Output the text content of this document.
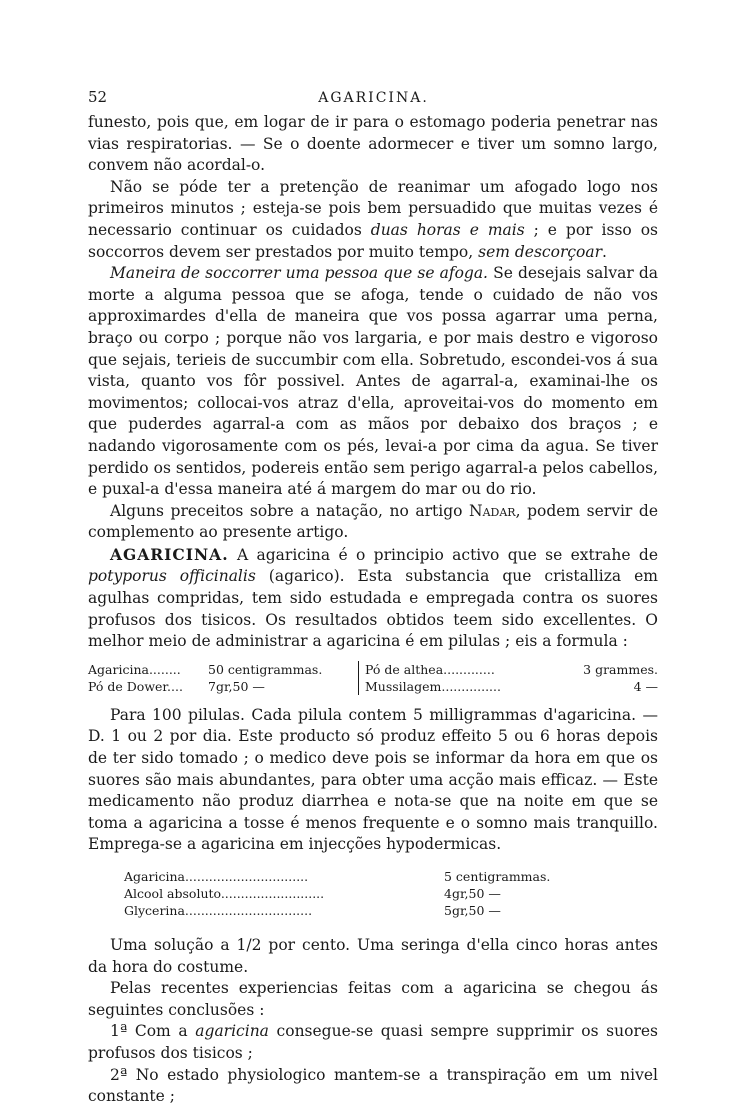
52	AGARICINA.

funesto, pois que, em logar de ir para o estomago poderia penetrar nas vias respiratorias. — Se o doente adormecer e tiver um somno largo, convem não acordal-o.

Não se póde ter a pretenção de reanimar um afogado logo nos primeiros minutos ; esteja-se pois bem persuadido que muitas vezes é necessario continuar os cuidados duas horas e mais ; e por isso os soccorros devem ser prestados por muito tempo, sem descorçoar.

Maneira de soccorrer uma pessoa que se afoga. Se desejais salvar da morte a alguma pessoa que se afoga, tende o cuidado de não vos approximardes d'ella de maneira que vos possa agarrar uma perna, braço ou corpo ; porque não vos largaria, e por mais destro e vigoroso que sejais, terieis de succumbir com ella. Sobretudo, escondei-vos á sua vista, quanto vos fôr possivel. Antes de agarral-a, examinai-lhe os movimentos; collocai-vos atraz d'ella, aproveitai-vos do momento em que puderdes agarral-a com as mãos por debaixo dos braços ; e nadando vigorosamente com os pés, levai-a por cima da agua. Se tiver perdido os sentidos, podereis então sem perigo agarral-a pelos cabellos, e puxal-a d'essa maneira até á margem do mar ou do rio.

Alguns preceitos sobre a natação, no artigo Nadar, podem servir de complemento ao presente artigo.

AGARICINA. A agaricina é o principio activo que se extrahe de potyporus officinalis (agarico). Esta substancia que cristalliza em agulhas compridas, tem sido estudada e empregada contra os suores profusos dos tisicos. Os resultados obtidos teem sido excellentes. O melhor meio de administrar a agaricina é em pilulas ; eis a formula :

Agaricina........	50 centigrammas.	Pó de althea.............	3 grammes.
Pó de Dower....	7gr,50 —	Mussilagem...............	4 —

Para 100 pilulas. Cada pilula contem 5 milligrammas d'agaricina. — D. 1 ou 2 por dia. Este producto só produz effeito 5 ou 6 horas depois de ter sido tomado ; o medico deve pois se informar da hora em que os suores são mais abundantes, para obter uma acção mais efficaz. — Este medicamento não produz diarrhea e nota-se que na noite em que se toma a agaricina a tosse é menos frequente e o somno mais tranquillo. Emprega-se a agaricina em injecções hypodermicas.

Agaricina...............................	5 centigrammas.
Alcool absoluto..........................	4gr,50 —
Glycerina................................	5gr,50 —

Uma solução a 1/2 por cento. Uma seringa d'ella cinco horas antes da hora do costume.

Pelas recentes experiencias feitas com a agaricina se chegou ás seguintes conclusões :

1ª Com a agaricina consegue-se quasi sempre supprimir os suores profusos dos tisicos ;

2ª No estado physiologico mantem-se a transpiração em um nivel constante ;
